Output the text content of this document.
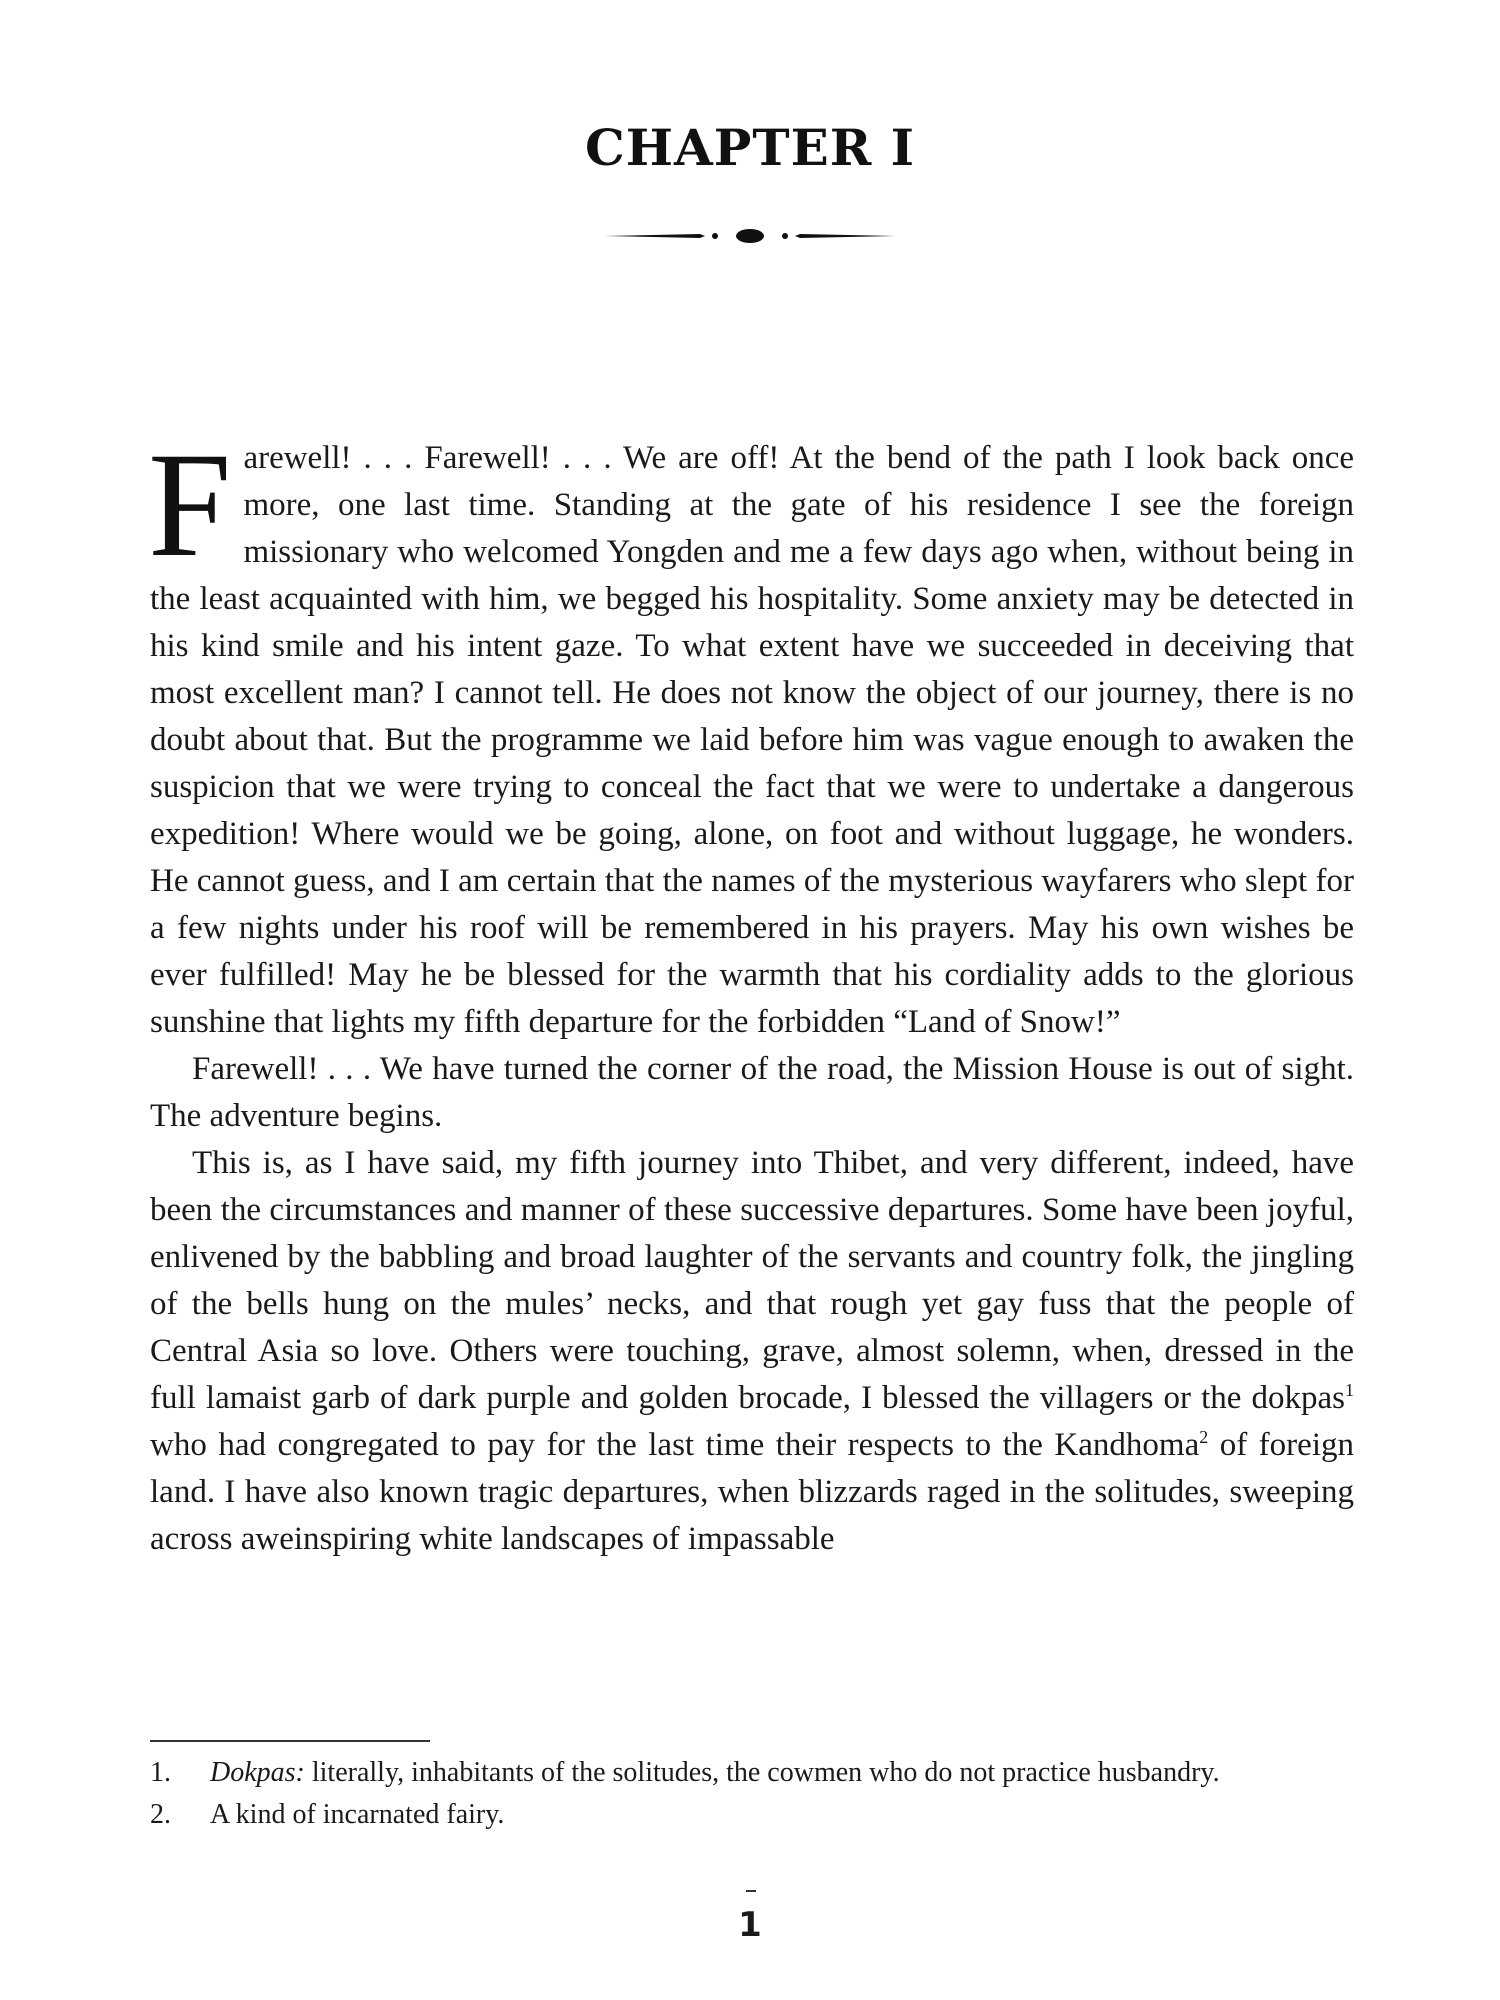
CHAPTER I

Farewell! . . . Farewell! . . . We are off! At the bend of the path I look back once more, one last time. Standing at the gate of his residence I see the foreign missionary who welcomed Yongden and me a few days ago when, without being in the least acquainted with him, we begged his hospitality. Some anxiety may be detected in his kind smile and his intent gaze. To what extent have we succeeded in deceiving that most excellent man? I cannot tell. He does not know the object of our journey, there is no doubt about that. But the programme we laid before him was vague enough to awaken the suspicion that we were trying to conceal the fact that we were to undertake a dangerous expedition! Where would we be going, alone, on foot and without luggage, he wonders. He cannot guess, and I am certain that the names of the mysterious wayfarers who slept for a few nights under his roof will be remembered in his prayers. May his own wishes be ever fulfilled! May he be blessed for the warmth that his cordiality adds to the glorious sunshine that lights my fifth departure for the forbidden “Land of Snow!”

Farewell! . . . We have turned the corner of the road, the Mission House is out of sight. The adventure begins.

This is, as I have said, my fifth journey into Thibet, and very different, indeed, have been the circumstances and manner of these successive departures. Some have been joyful, enlivened by the babbling and broad laughter of the servants and country folk, the jingling of the bells hung on the mules’ necks, and that rough yet gay fuss that the people of Central Asia so love. Others were touching, grave, almost solemn, when, dressed in the full lamaist garb of dark purple and golden brocade, I blessed the villagers or the dokpas$^1$ who had congregated to pay for the last time their respects to the Kandhoma$^2$ of foreign land. I have also known tragic departures, when blizzards raged in the solitudes, sweeping across aweinspiring white landscapes of impassable

1. Dokpas: literally, inhabitants of the solitudes, the cowmen who do not practice husbandry.

2. A kind of incarnated fairy.

1
